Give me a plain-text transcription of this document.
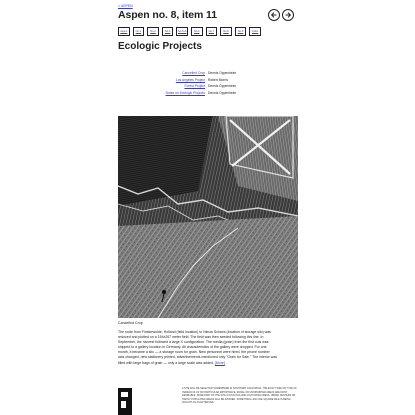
< ASPEN
Aspen no. 8, item 11
aspen	No.1	No.2	No.3	No.5+6	No.4	No.7	No.8	No.9	index
Ecologic Projects
Cancelled Crop Dennis Oppenheim
Los Angeles Project Robert Morris
Forest Project Dennis Oppenheim
Notes on Ecologic Projects Dennis Oppenheim
Cancelled Crop
The route from Finsterwolde, Holland (field location) to Nieuw Schans (location of storage silo) was
reduced and plotted on a 154x267 meter field. The field was then seeded following this line. In
September, the harvest followed a large X configuration. The media (grain) from the first cuts was
shipped to a gallery location in Germany. All characteristics of the gallery were dropped. For one
month, it became a silo — a storage room for grain. New personnel were hired, the phone number
was changed, new stationery printed, advertisements mentioned only "Grain for Sale." The interior was
filled with large bags of grain — only a large scale was added. [More]
A SITE WILL BE SELECTED SOMEWHERE IN SOUTHERN CALIFORNIA. THE EXACT SIZE OR TYPE OF TERRAIN IS OF NO PARTICULAR IMPORTANCE. RURAL OR UNINHABITED AREAS ARE MOST DESIRABLE. SOME PART OF THE SITE COULD INCLUDE CULTIVATED AREAS. URBAN CENTERS OR HIGHLY POPULATED AREAS WILL BE AVOIDED. SOMETHING LIKE ONE SQUARE MILE IS BEING SOUGHT AS AN EXTENSIVE
